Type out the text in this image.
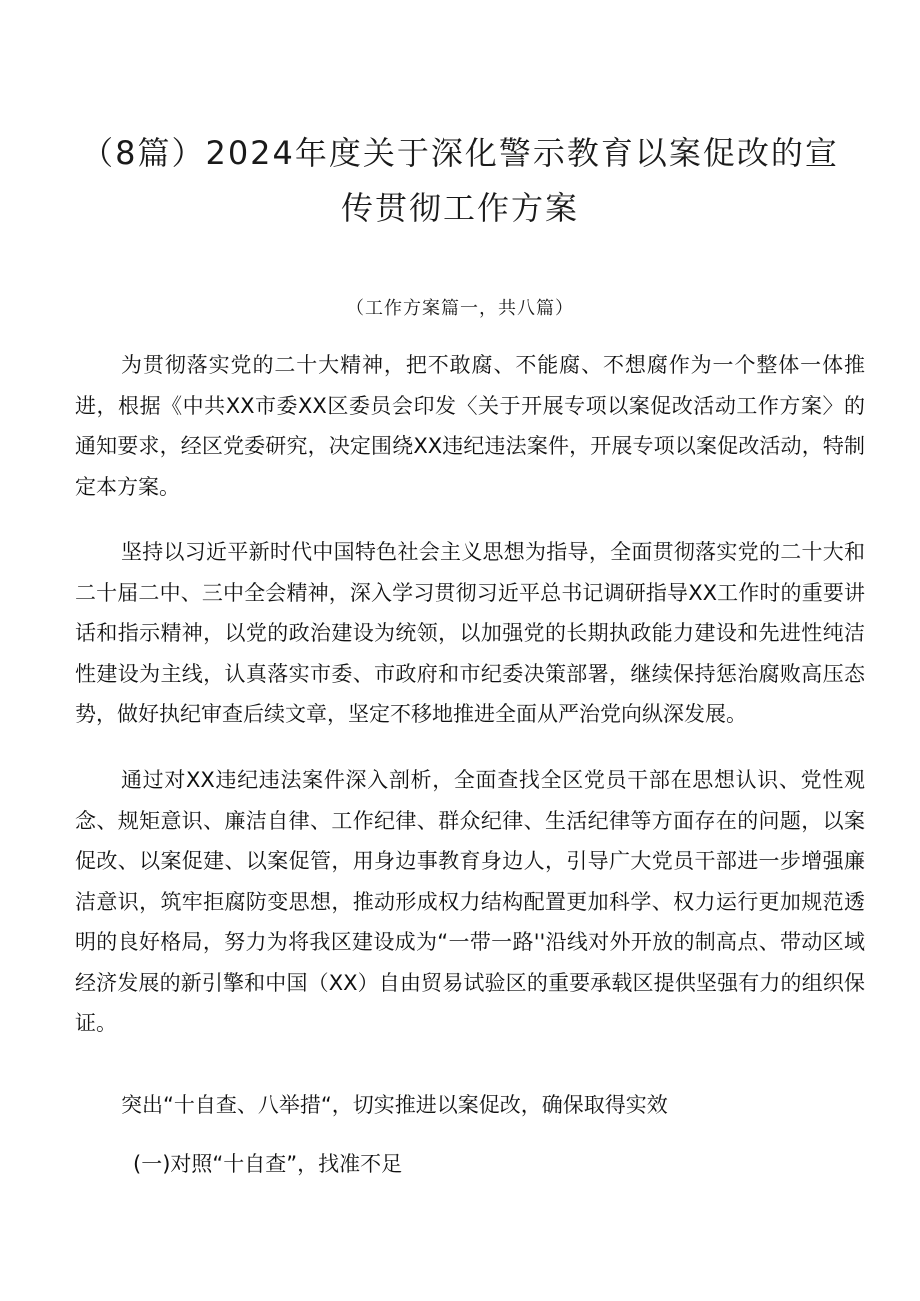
（8篇）2024年度关于深化警示教育以案促改的宣
传贯彻工作方案
（工作方案篇一，共八篇）

为贯彻落实党的二十大精神，把不敢腐、不能腐、不想腐作为一个整体一体推进，根据《中共XX市委XX区委员会印发〈关于开展专项以案促改活动工作方案〉的通知要求，经区党委研究，决定围绕XX违纪违法案件，开展专项以案促改活动，特制定本方案。

坚持以习近平新时代中国特色社会主义思想为指导，全面贯彻落实党的二十大和二十届二中、三中全会精神，深入学习贯彻习近平总书记调研指导XX工作时的重要讲话和指示精神，以党的政治建设为统领，以加强党的长期执政能力建设和先进性纯洁性建设为主线，认真落实市委、市政府和市纪委决策部署，继续保持惩治腐败高压态势，做好执纪审查后续文章，坚定不移地推进全面从严治党向纵深发展。

通过对XX违纪违法案件深入剖析，全面查找全区党员干部在思想认识、党性观念、规矩意识、廉洁自律、工作纪律、群众纪律、生活纪律等方面存在的问题，以案促改、以案促建、以案促管，用身边事教育身边人，引导广大党员干部进一步增强廉洁意识，筑牢拒腐防变思想，推动形成权力结构配置更加科学、权力运行更加规范透明的良好格局，努力为将我区建设成为“一带一路''沿线对外开放的制高点、带动区域经济发展的新引擎和中国（XX）自由贸易试验区的重要承载区提供坚强有力的组织保证。

突出“十自查、八举措“，切实推进以案促改，确保取得实效

(一)对照“十自查”，找准不足
